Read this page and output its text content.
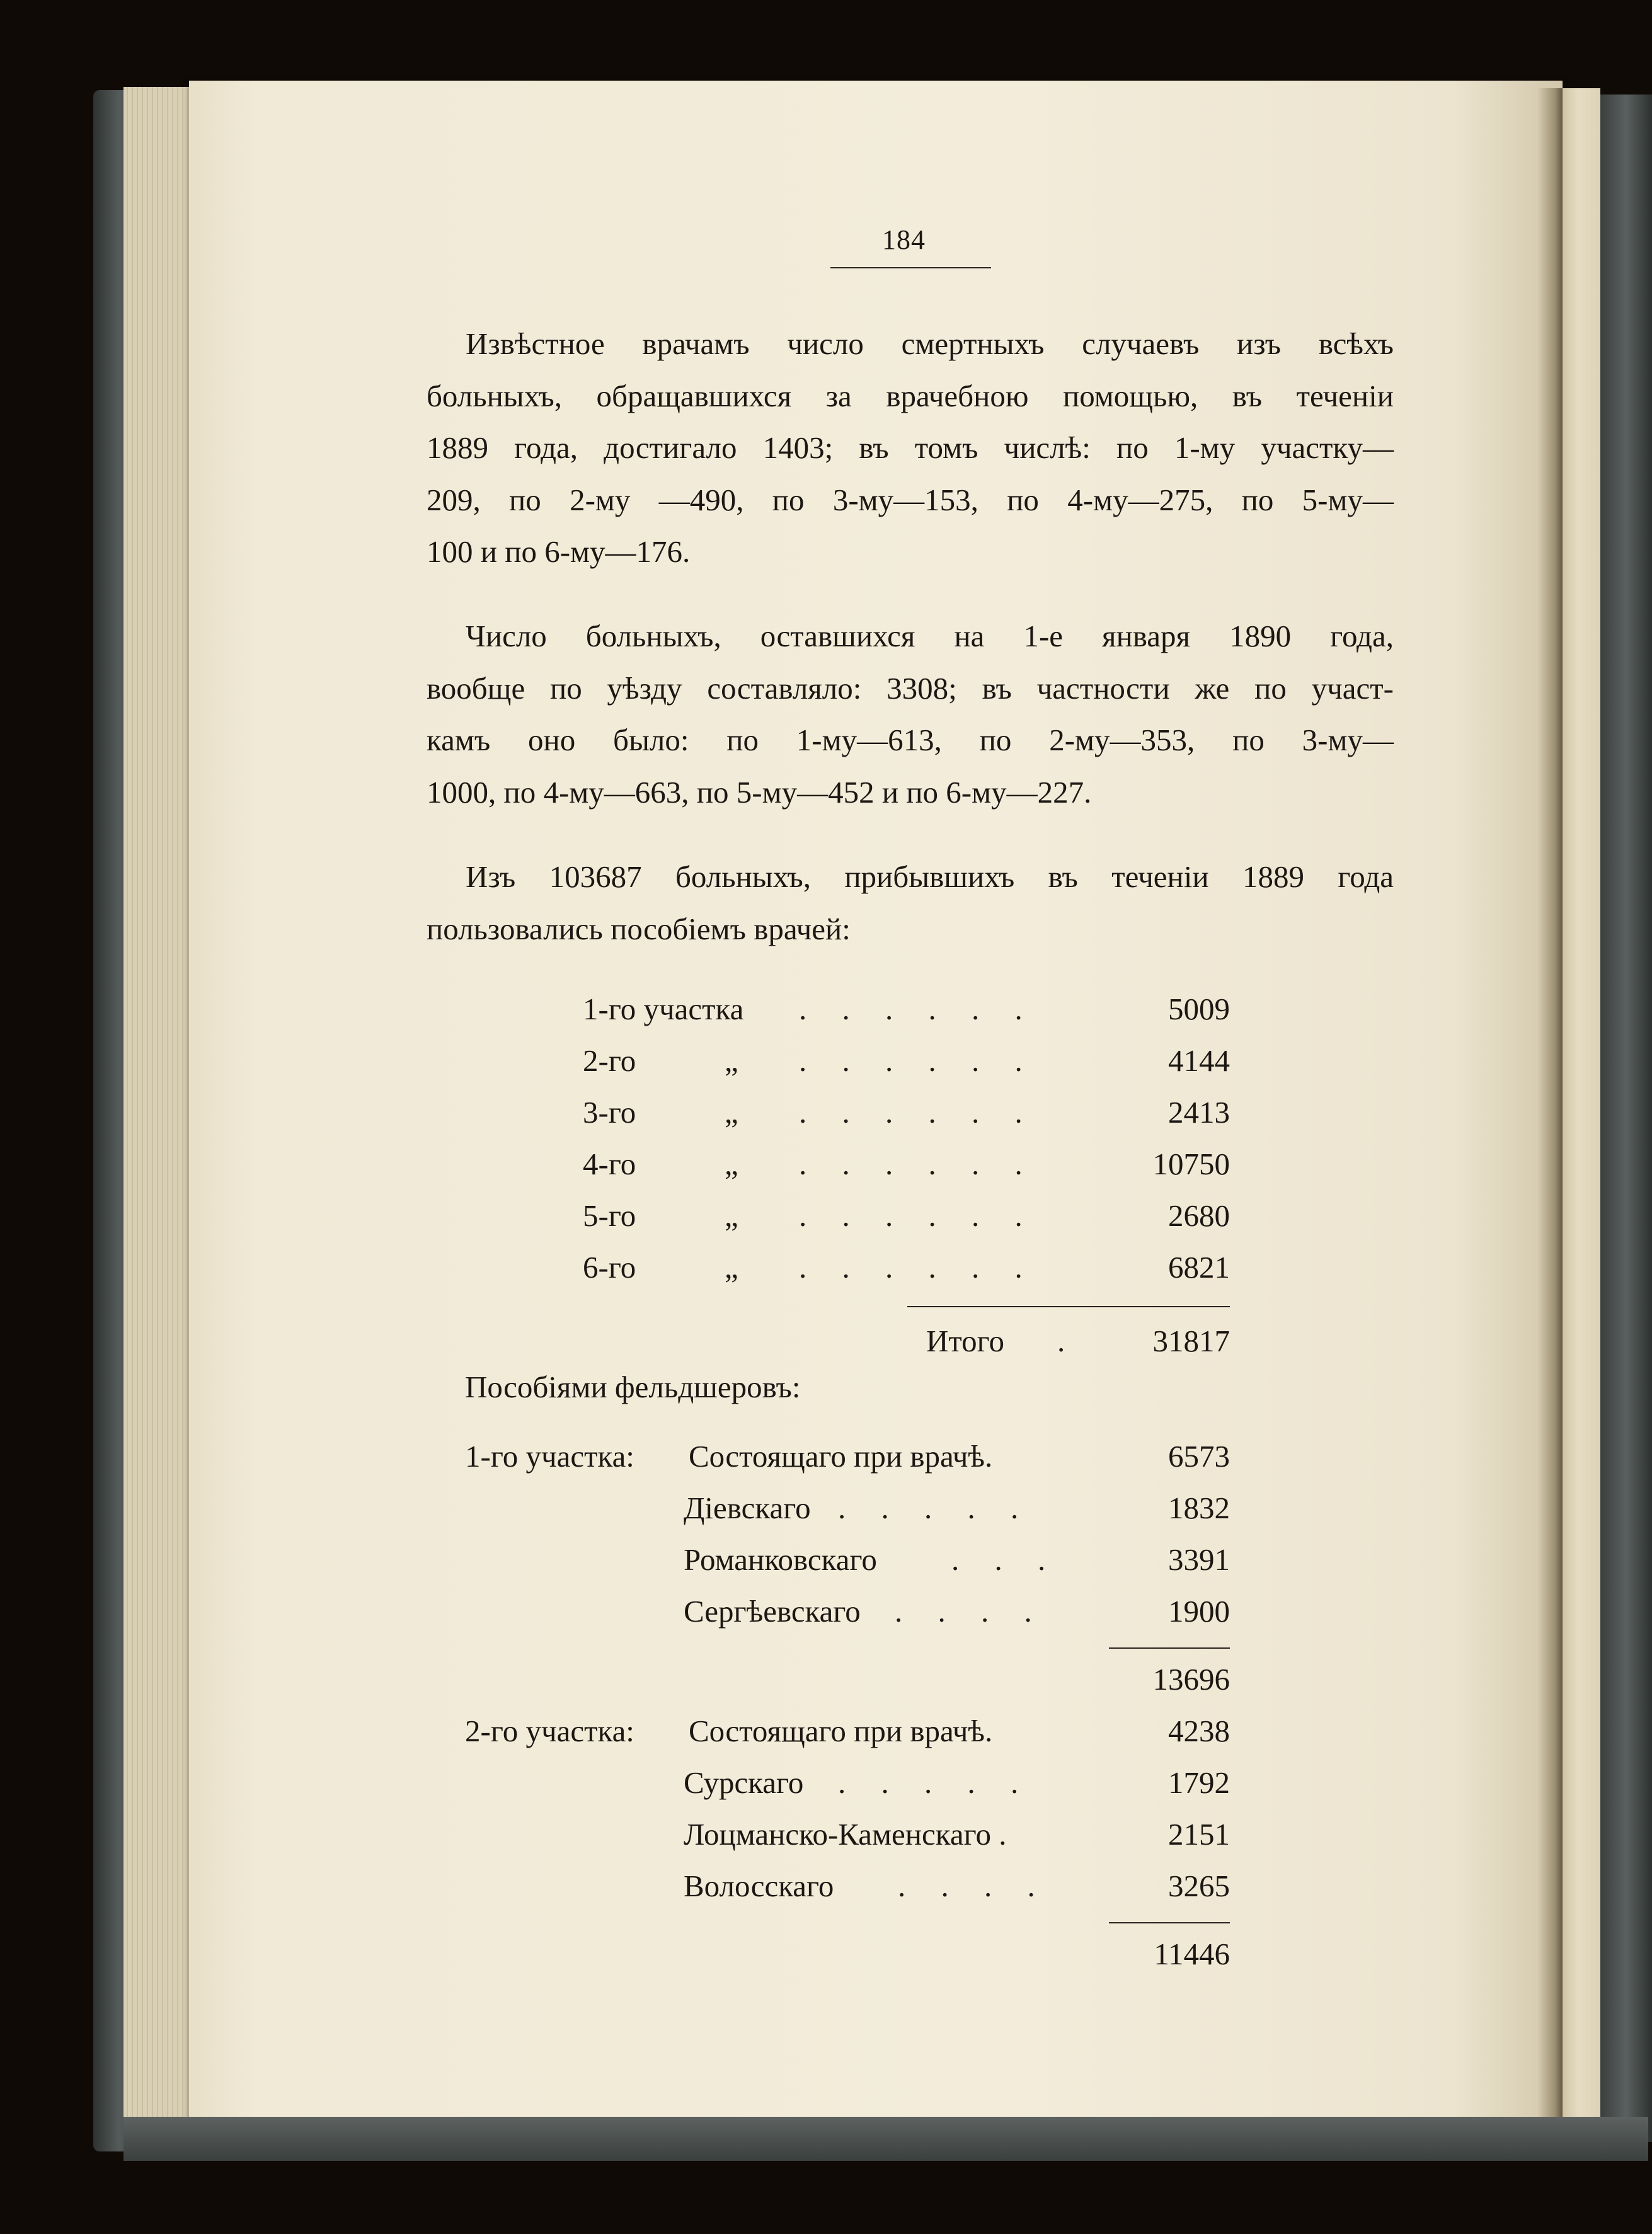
184
Извѣстное врачамъ число смертныхъ случаевъ изъ всѣхъ
больныхъ, обращавшихся за врачебною помощью, въ теченіи
1889 года, достигало 1403; въ томъ числѣ: по 1-му участку—
209, по 2-му —490, по 3-му—153, по 4-му—275, по 5-му—
100 и по 6-му—176.
Число больныхъ, оставшихся на 1-е января 1890 года,
вообще по уѣзду составляло: 3308; въ частности же по участ-
камъ оно было: по 1-му—613, по 2-му—353, по 3-му—
1000, по 4-му—663, по 5-му—452 и по 6-му—227.
Изъ 103687 больныхъ, прибывшихъ въ теченіи 1889 года
пользовались пособіемъ врачей:
1-го участка . . . . . .	5009
2-го	„ . . . . . .	4144
3-го	„ . . . . . .	2413
4-го	„ . . . . . .	10750
5-го	„ . . . . . .	2680
6-го	„ . . . . . .	6821
Итого .	31817
Пособіями фельдшеровъ:
1-го участка: Состоящаго при врачѣ.	6573
Діевскаго . . . . .	1832
Романковскаго . . .	3391
Сергѣевскаго . . . .	1900
13696
2-го участка: Состоящаго при врачѣ.	4238
Сурскаго . . . . .	1792
Лоцманско-Каменскаго .	2151
Волосскаго . . . .	3265
11446
